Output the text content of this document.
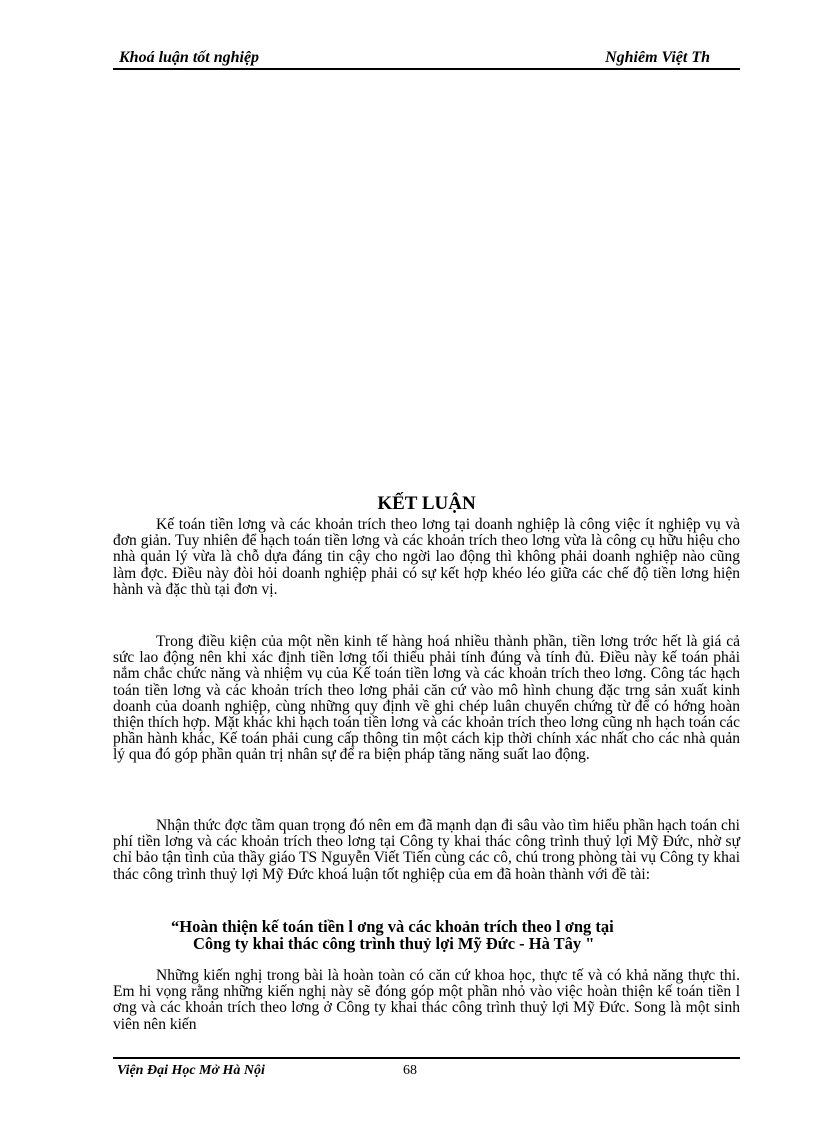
Khoá luận tốt nghiệp	Nghiêm Việt Th
KẾT LUẬN

Kế toán tiền lơng và các khoản trích theo lơng tại doanh nghiệp là công việc ít nghiệp vụ và đơn giản. Tuy nhiên để hạch toán tiền lơng và các khoản trích theo lơng vừa là công cụ hữu hiệu cho nhà quản lý vừa là chỗ dựa đáng tin cậy cho ngời lao động thì không phải doanh nghiệp nào cũng làm đợc. Điều này đòi hỏi doanh nghiệp phải có sự kết hợp khéo léo giữa các chế độ tiền lơng hiện hành và đặc thù tại đơn vị.

Trong điều kiện của một nền kinh tế hàng hoá nhiều thành phần, tiền lơng trớc hết là giá cả sức lao động nên khi xác định tiền lơng tối thiểu phải tính đúng và tính đủ. Điều này kế toán phải nắm chắc chức năng và nhiệm vụ của Kế toán tiền lơng và các khoản trích theo lơng. Công tác hạch toán tiền lơng và các khoản trích theo lơng phải căn cứ vào mô hình chung đặc trng sản xuất kinh doanh của doanh nghiệp, cùng những quy định về ghi chép luân chuyển chứng từ để có hớng hoàn thiện thích hợp. Mặt khác khi hạch toán tiền lơng và các khoản trích theo lơng cũng nh hạch toán các phần hành khác, Kế toán phải cung cấp thông tin một cách kịp thời chính xác nhất cho các nhà quản lý qua đó góp phần quản trị nhân sự để ra biện pháp tăng năng suất lao động.

Nhận thức đợc tầm quan trọng đó nên em đã mạnh dạn đi sâu vào tìm hiểu phần hạch toán chi phí tiền lơng và các khoản trích theo lơng tại Công ty khai thác công trình thuỷ lợi Mỹ Đức, nhờ sự chỉ bảo tận tình của thầy giáo TS Nguyễn Viết Tiến cùng các cô, chú trong phòng tài vụ Công ty khai thác công trình thuỷ lợi Mỹ Đức khoá luận tốt nghiệp của em đã hoàn thành với đề tài:

“Hoàn thiện kế toán tiền l ơng và các khoản trích theo l ơng tại
Công ty khai thác công trình thuỷ lợi Mỹ Đức - Hà Tây "

Những kiến nghị trong bài là hoàn toàn có căn cứ khoa học, thực tế và có khả năng thực thi. Em hi vọng rằng những kiến nghị này sẽ đóng góp một phần nhỏ vào việc hoàn thiện kế toán tiền l ơng và các khoản trích theo lơng ở Công ty khai thác công trình thuỷ lợi Mỹ Đức. Song là một sinh viên nên kiến

Viện Đại Học Mở Hà Nội	68
